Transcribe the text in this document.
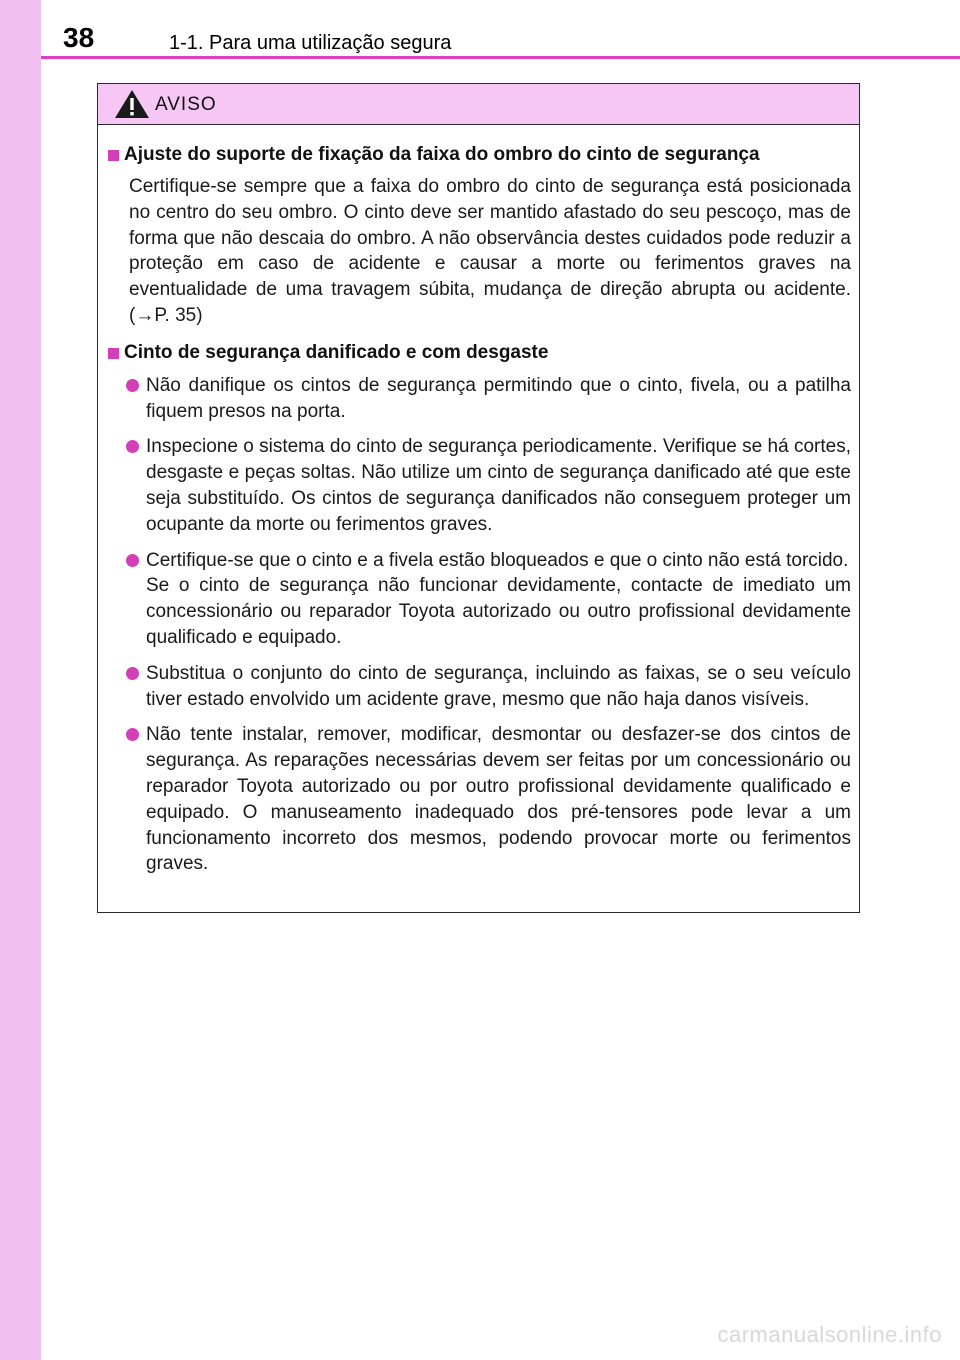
38	1-1. Para uma utilização segura
AVISO
Ajuste do suporte de fixação da faixa do ombro do cinto de segurança
Certifique-se sempre que a faixa do ombro do cinto de segurança está posicionada no centro do seu ombro. O cinto deve ser mantido afastado do seu pescoço, mas de forma que não descaia do ombro. A não observância destes cuidados pode reduzir a proteção em caso de acidente e causar a morte ou ferimentos graves na eventualidade de uma travagem súbita, mudança de direção abrupta ou acidente. (→P. 35)
Cinto de segurança danificado e com desgaste
Não danifique os cintos de segurança permitindo que o cinto, fivela, ou a patilha fiquem presos na porta.
Inspecione o sistema do cinto de segurança periodicamente. Verifique se há cortes, desgaste e peças soltas. Não utilize um cinto de segurança danificado até que este seja substituído. Os cintos de segurança danificados não conseguem proteger um ocupante da morte ou ferimentos graves.
Certifique-se que o cinto e a fivela estão bloqueados e que o cinto não está torcido.
Se o cinto de segurança não funcionar devidamente, contacte de imediato um concessionário ou reparador Toyota autorizado ou outro profissional devidamente qualificado e equipado.
Substitua o conjunto do cinto de segurança, incluindo as faixas, se o seu veículo tiver estado envolvido um acidente grave, mesmo que não haja danos visíveis.
Não tente instalar, remover, modificar, desmontar ou desfazer-se dos cintos de segurança. As reparações necessárias devem ser feitas por um concessionário ou reparador Toyota autorizado ou por outro profissional devidamente qualificado e equipado. O manuseamento inadequado dos pré-tensores pode levar a um funcionamento incorreto dos mesmos, podendo provocar morte ou ferimentos graves.
carmanualsonline.info
